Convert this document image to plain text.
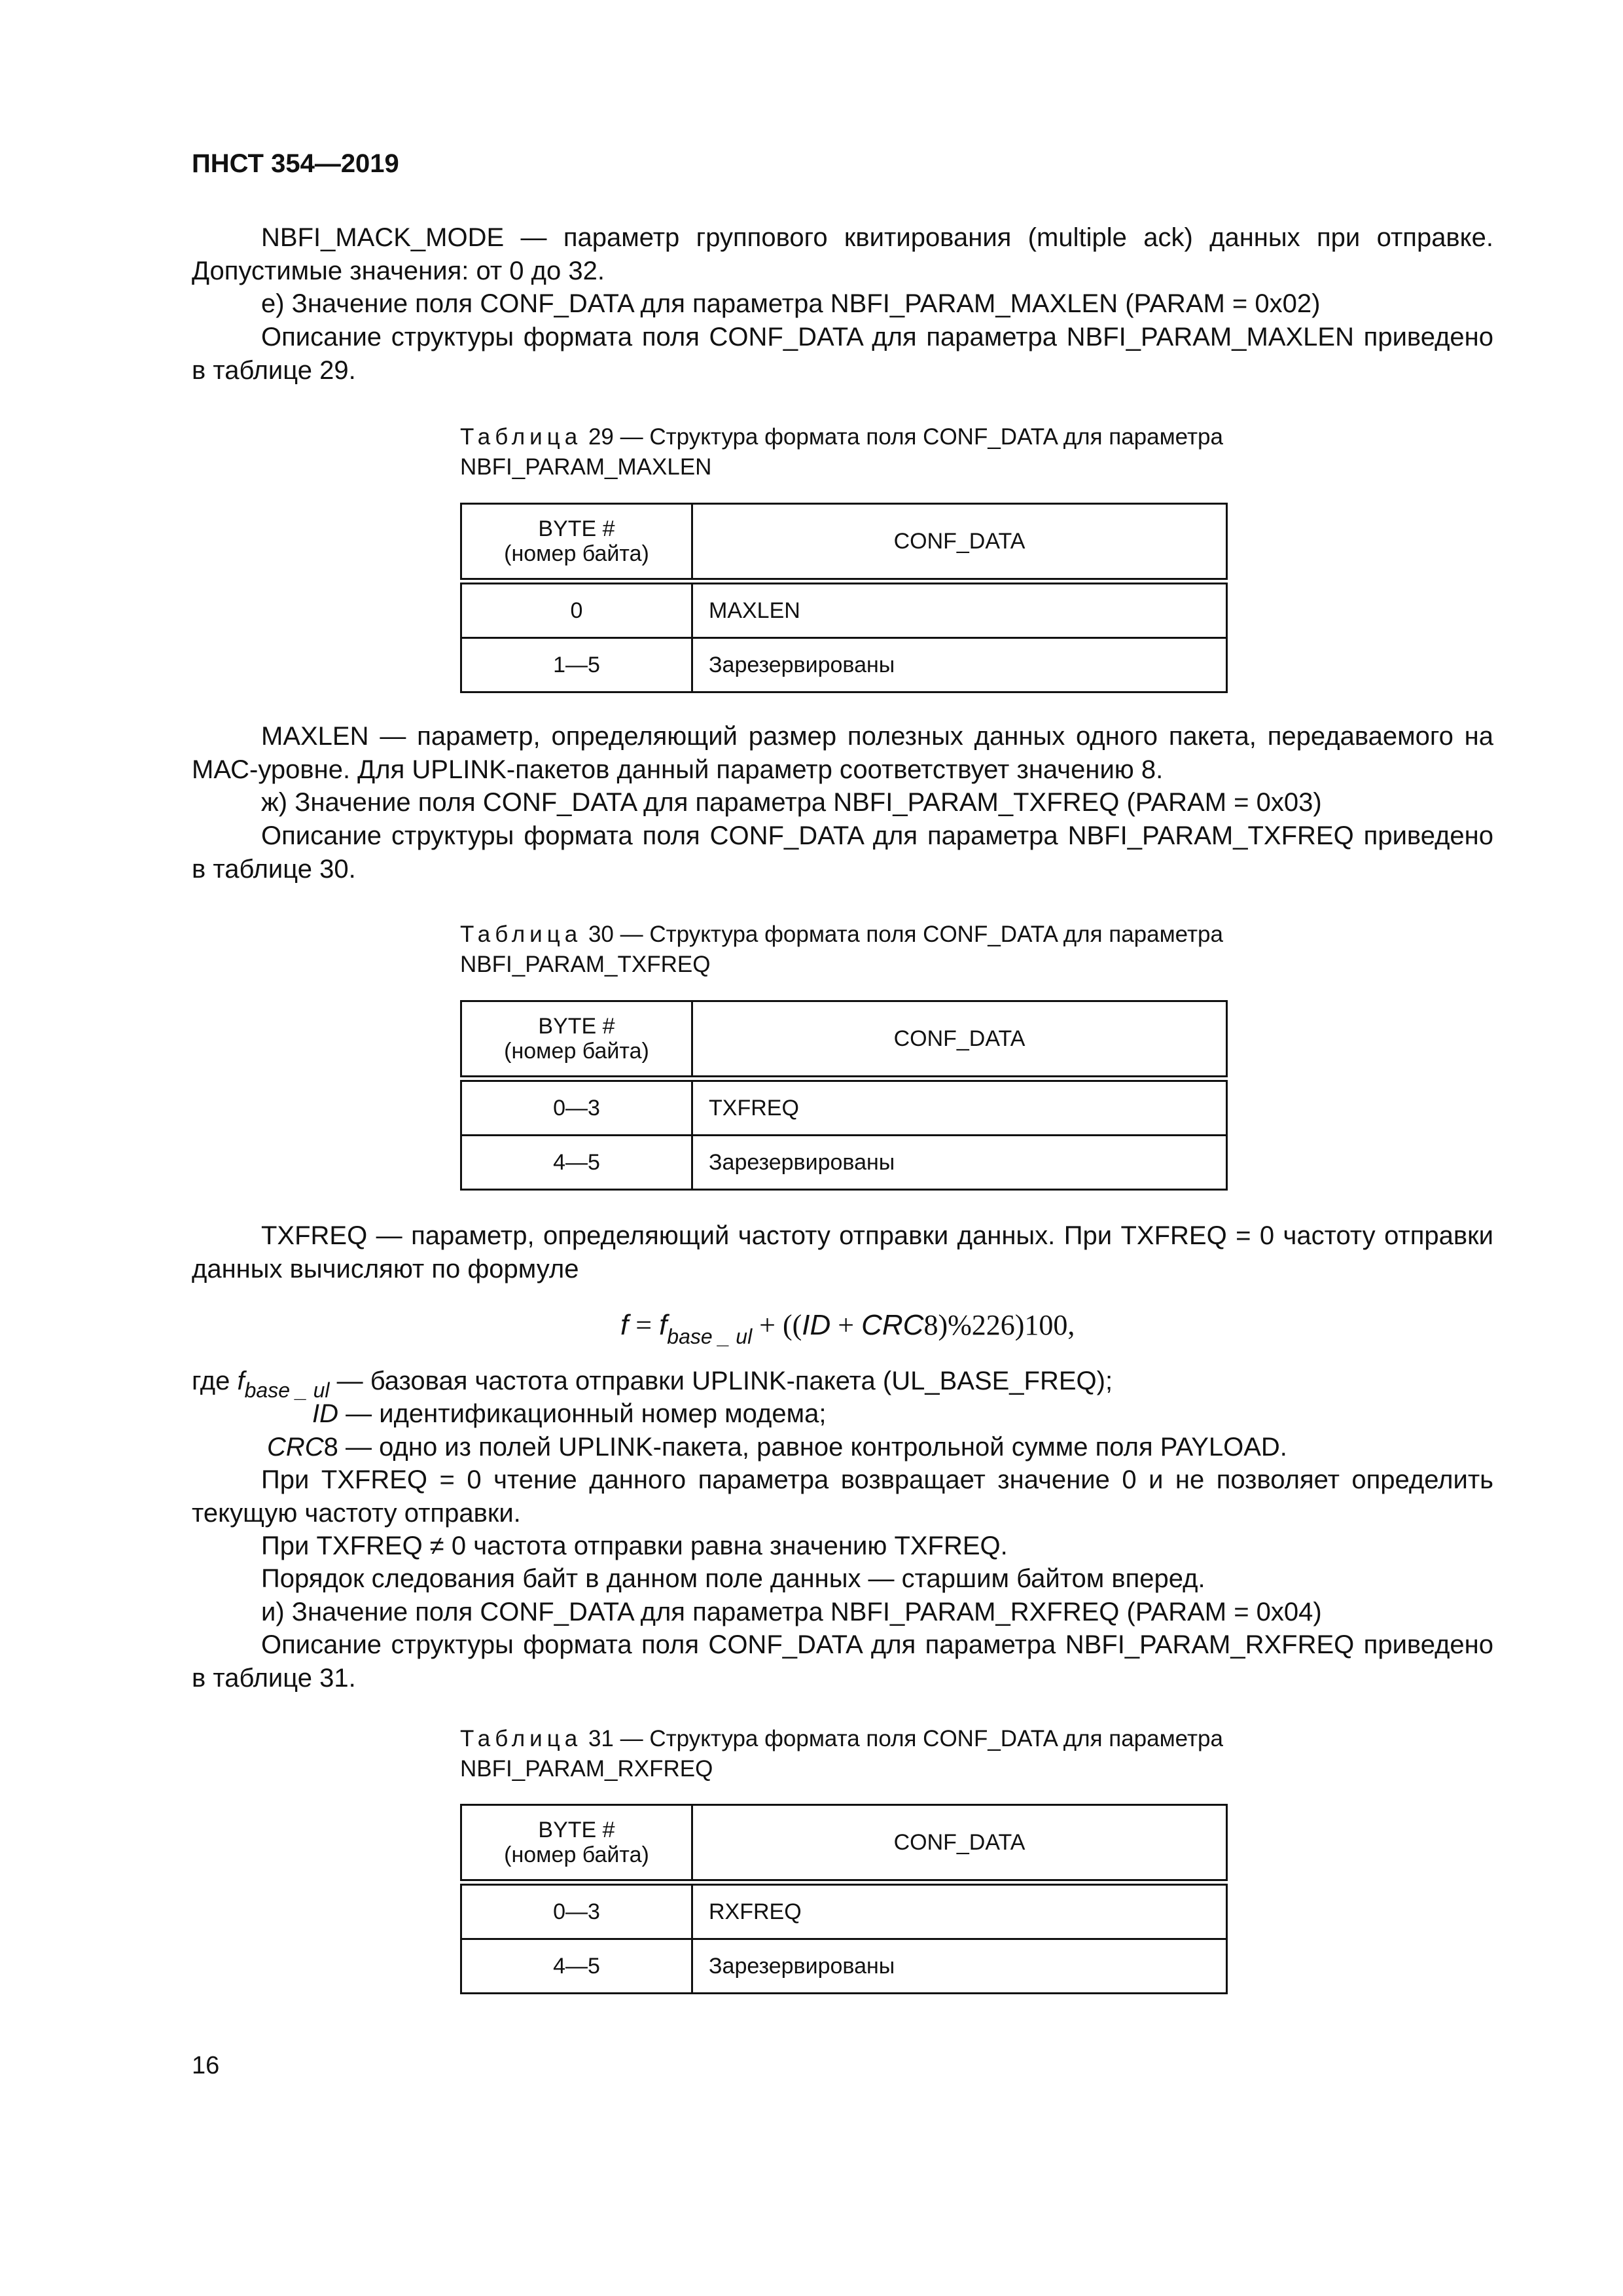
ПНСТ 354—2019

NBFI_MACK_MODE — параметр группового квитирования (multiple ack) данных при отправке. Допустимые значения: от 0 до 32.

е) Значение поля CONF_DATA для параметра NBFI_PARAM_MAXLEN (PARAM = 0x02)

Описание структуры формата поля CONF_DATA для параметра NBFI_PARAM_MAXLEN приведено в таблице 29.

Таблица 29 — Структура формата поля CONF_DATA для параметра
NBFI_PARAM_MAXLEN
BYTE #
(номер байта)	CONF_DATA
0	MAXLEN
1—5	Зарезервированы

MAXLEN — параметр, определяющий размер полезных данных одного пакета, передаваемого на МАС-уровне. Для UPLINK-пакетов данный параметр соответствует значению 8.

ж) Значение поля CONF_DATA для параметра NBFI_PARAM_TXFREQ (PARAM = 0x03)

Описание структуры формата поля CONF_DATA для параметра NBFI_PARAM_TXFREQ приведено в таблице 30.

Таблица 30 — Структура формата поля CONF_DATA для параметра
NBFI_PARAM_TXFREQ
BYTE #
(номер байта)	CONF_DATA
0—3	TXFREQ
4—5	Зарезервированы

TXFREQ — параметр, определяющий частоту отправки данных. При TXFREQ = 0 частоту отправки данных вычисляют по формуле

$f = f_{base \_ ul} + ((ID + CRC8)\%226)100$,
где $f_{base \_ ul}$ — базовая частота отправки UPLINK-пакета (UL_BASE_FREQ);
ID — идентификационный номер модема;
CRC8 — одно из полей UPLINK-пакета, равное контрольной сумме поля PAYLOAD.

При TXFREQ = 0 чтение данного параметра возвращает значение 0 и не позволяет определить текущую частоту отправки.

При TXFREQ ≠ 0 частота отправки равна значению TXFREQ.

Порядок следования байт в данном поле данных — старшим байтом вперед.

и) Значение поля CONF_DATA для параметра NBFI_PARAM_RXFREQ (PARAM = 0x04)

Описание структуры формата поля CONF_DATA для параметра NBFI_PARAM_RXFREQ приведено в таблице 31.

Таблица 31 — Структура формата поля CONF_DATA для параметра
NBFI_PARAM_RXFREQ
BYTE #
(номер байта)	CONF_DATA
0—3	RXFREQ
4—5	Зарезервированы
16
